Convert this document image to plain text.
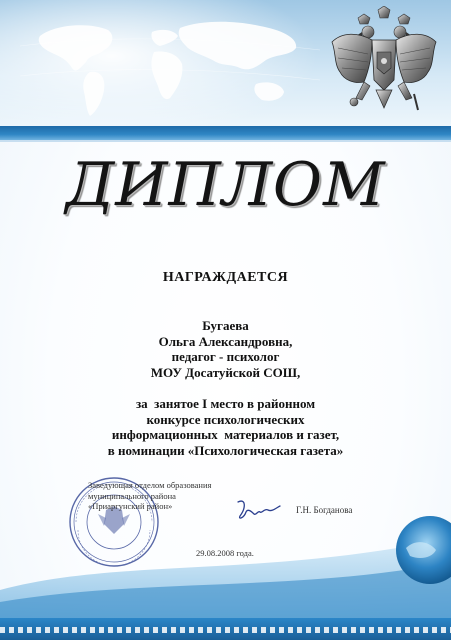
ДИПЛОМ
НАГРАЖДАЕТСЯ

Бугаева

Ольга Александровна,

педагог - психолог

МОУ Досатуйской СОШ,

за  занятое I место в районном

конкурсе психологических

информационных  материалов и газет,

в номинации «Психологическая газета»

Заведующая отделом образования
муниципального района
«Приаргунский район»	Г.Н. Богданова
29.08.2008 года.
